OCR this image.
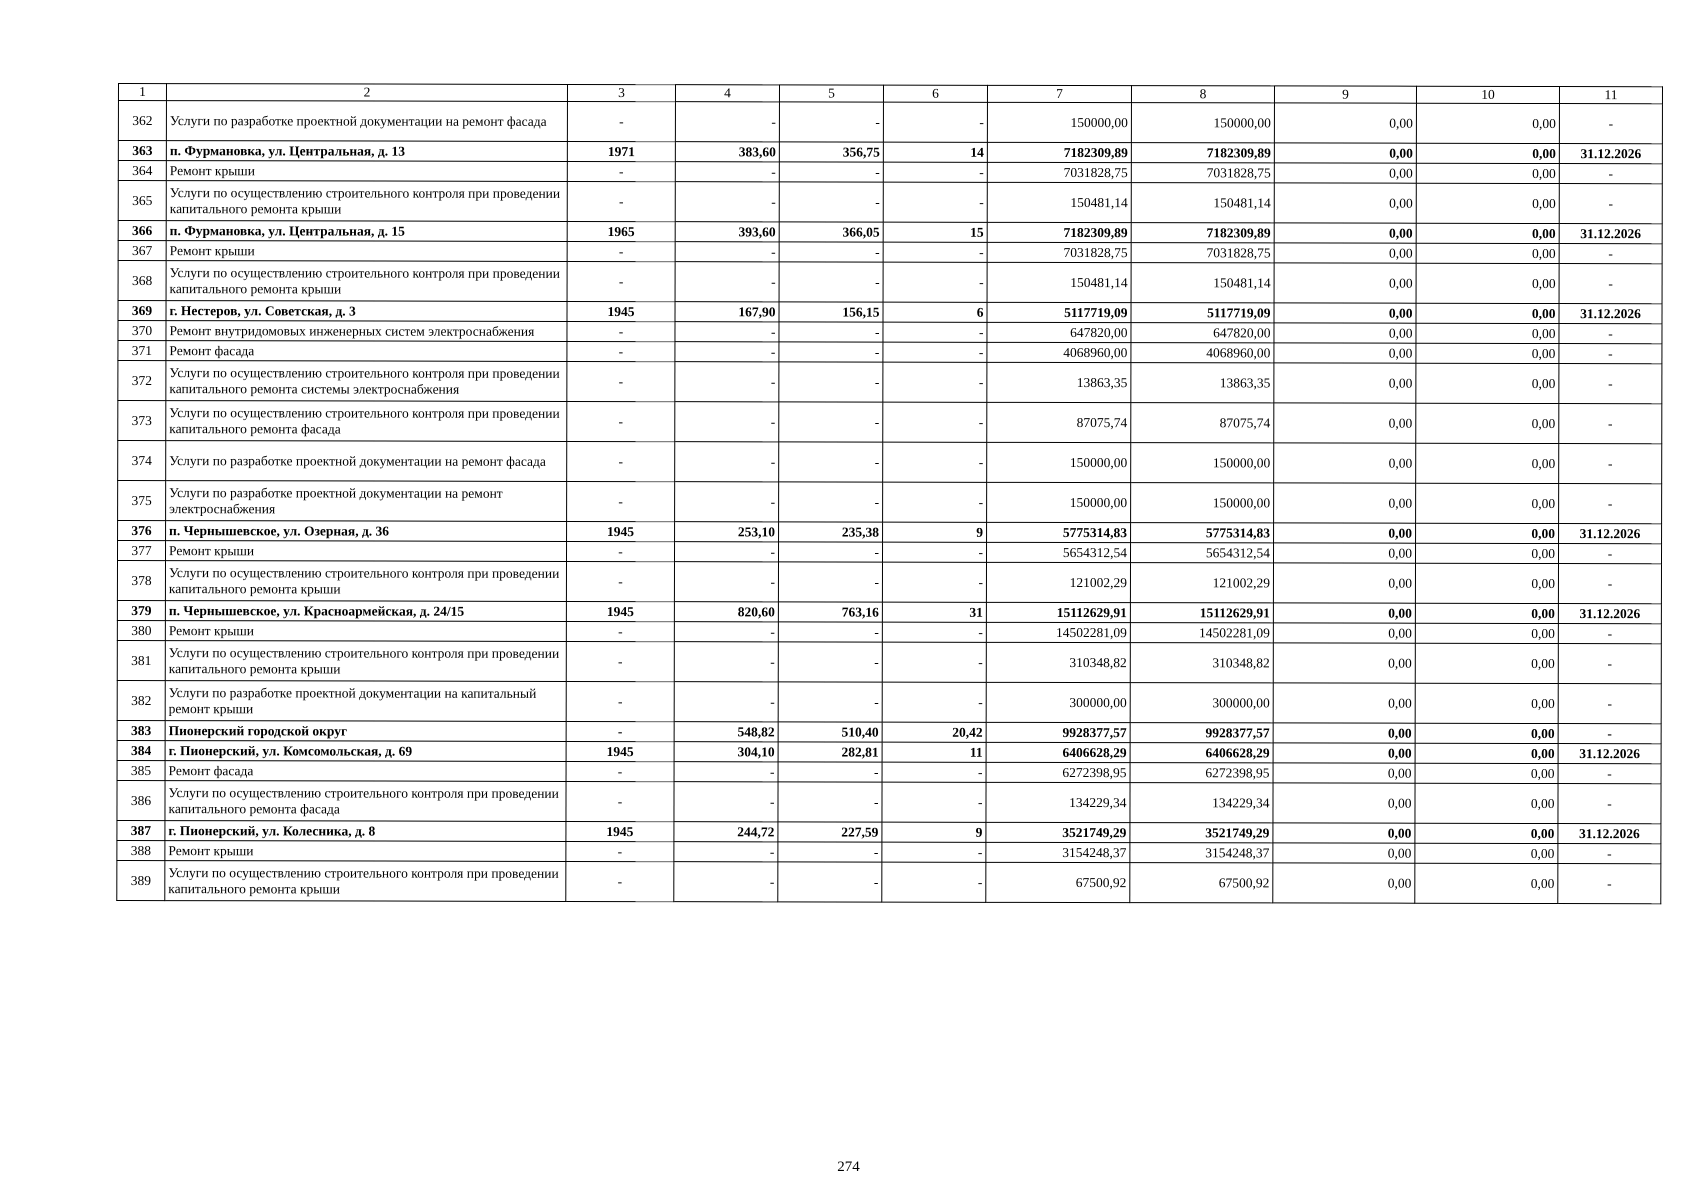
1	2	3	4	5	6	7	8	9	10	11
362	Услуги по разработке проектной документации на ремонт фасада	-	-	-	-	150000,00	150000,00	0,00	0,00	-
363	п. Фурмановка, ул. Центральная, д. 13	1971	383,60	356,75	14	7182309,89	7182309,89	0,00	0,00	31.12.2026
364	Ремонт крыши	-	-	-	-	7031828,75	7031828,75	0,00	0,00	-
365	Услуги по осуществлению строительного контроля при проведении капитального ремонта крыши	-	-	-	-	150481,14	150481,14	0,00	0,00	-
366	п. Фурмановка, ул. Центральная, д. 15	1965	393,60	366,05	15	7182309,89	7182309,89	0,00	0,00	31.12.2026
367	Ремонт крыши	-	-	-	-	7031828,75	7031828,75	0,00	0,00	-
368	Услуги по осуществлению строительного контроля при проведении капитального ремонта крыши	-	-	-	-	150481,14	150481,14	0,00	0,00	-
369	г. Нестеров, ул. Советская, д. 3	1945	167,90	156,15	6	5117719,09	5117719,09	0,00	0,00	31.12.2026
370	Ремонт внутридомовых инженерных систем электроснабжения	-	-	-	-	647820,00	647820,00	0,00	0,00	-
371	Ремонт фасада	-	-	-	-	4068960,00	4068960,00	0,00	0,00	-
372	Услуги по осуществлению строительного контроля при проведении капитального ремонта системы электроснабжения	-	-	-	-	13863,35	13863,35	0,00	0,00	-
373	Услуги по осуществлению строительного контроля при проведении капитального ремонта фасада	-	-	-	-	87075,74	87075,74	0,00	0,00	-
374	Услуги по разработке проектной документации на ремонт фасада	-	-	-	-	150000,00	150000,00	0,00	0,00	-
375	Услуги по разработке проектной документации на ремонт электроснабжения	-	-	-	-	150000,00	150000,00	0,00	0,00	-
376	п. Чернышевское, ул. Озерная, д. 36	1945	253,10	235,38	9	5775314,83	5775314,83	0,00	0,00	31.12.2026
377	Ремонт крыши	-	-	-	-	5654312,54	5654312,54	0,00	0,00	-
378	Услуги по осуществлению строительного контроля при проведении капитального ремонта крыши	-	-	-	-	121002,29	121002,29	0,00	0,00	-
379	п. Чернышевское, ул. Красноармейская, д. 24/15	1945	820,60	763,16	31	15112629,91	15112629,91	0,00	0,00	31.12.2026
380	Ремонт крыши	-	-	-	-	14502281,09	14502281,09	0,00	0,00	-
381	Услуги по осуществлению строительного контроля при проведении капитального ремонта крыши	-	-	-	-	310348,82	310348,82	0,00	0,00	-
382	Услуги по разработке проектной документации на капитальный ремонт крыши	-	-	-	-	300000,00	300000,00	0,00	0,00	-
383	Пионерский городской округ	-	548,82	510,40	20,42	9928377,57	9928377,57	0,00	0,00	-
384	г. Пионерский, ул. Комсомольская, д. 69	1945	304,10	282,81	11	6406628,29	6406628,29	0,00	0,00	31.12.2026
385	Ремонт фасада	-	-	-	-	6272398,95	6272398,95	0,00	0,00	-
386	Услуги по осуществлению строительного контроля при проведении капитального ремонта фасада	-	-	-	-	134229,34	134229,34	0,00	0,00	-
387	г. Пионерский, ул. Колесника, д. 8	1945	244,72	227,59	9	3521749,29	3521749,29	0,00	0,00	31.12.2026
388	Ремонт крыши	-	-	-	-	3154248,37	3154248,37	0,00	0,00	-
389	Услуги по осуществлению строительного контроля при проведении капитального ремонта крыши	-	-	-	-	67500,92	67500,92	0,00	0,00	-
274
